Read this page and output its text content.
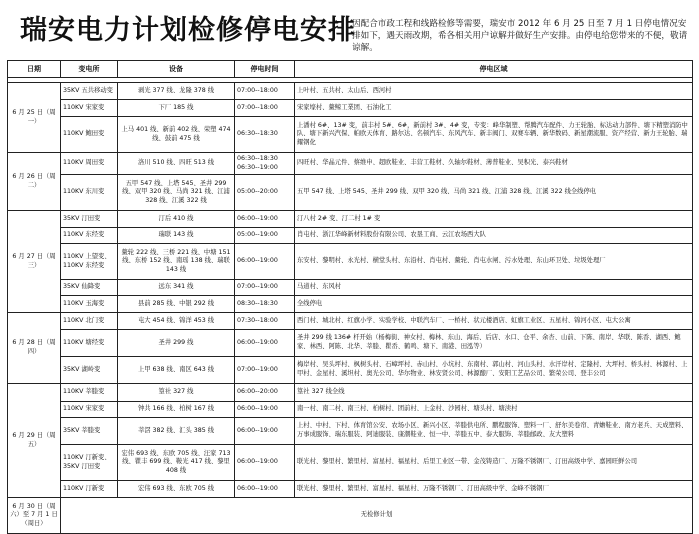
瑞安电力计划检修停电安排
因配合市政工程和线路检修等需要，瑞安市 2012 年 6 月 25 日至 7 月 1 日停电情况安排如下，遇天雨改期，希各相关用户谅解并做好生产安排。由停电给您带来的不便，敬请谅解。
日期	变电所	设备	停电时间	停电区域

6 月 25 日（周一）	35KV 五共移动变	剥光 377 线、龙隆 378 线	07:00--18:00	上叶村、五共村、太山后、西河村
	110KV 宋家变	下厂 185 线	07:00--18:00	宋家壕村、鳌鲸工業团、石油化工
	110KV 鲍田变	上马 401 线、新前 402 线、荣塑 474 线、鼓前 475 线	06:30--18:30	上潘村 6#、13# 变，前丰村 5#、6#，新前村 3#、4# 变，专变：峰华制塑、帮腾汽车配件、力王轮胎、标达动力部件、塘下精塑消防中队、塘下新兴汽保、帕欧天体育、路尔达、名顿汽车、东风汽车、新丰阀门、双赛车辆、新华数码、新星潮流服、资产经营、新力王轮胎、瑞耀钢化
6 月 26 日（周二）	110KV 周田变	洛川 510 线、四旺 513 线	06:30--18:30 06:30--19:00	四旺村、华晶元件、蔡维申、超欧鞋业、丰营工鞋材、久轴尔鞋材、薄普鞋业、吴积光、泰兴鞋材
	110KV 东川变	五甲 547 线、上塔 545、圣井 299 线、双甲 320 线、马尚 321 线、江浦 328 线、江溪 322 线	05:00--20:00	五甲 547 线、上塔 545、圣井 299 线、双甲 320 线、马尚 321 线、江浦 328 线、江溪 322 线全线停电
6 月 27 日（周三）	35KV 汀田变	汀后 410 线	06:00--19:00	汀八村 2# 变、汀二村 1# 变
	110KV 东经变	瑞联 143 线	05:00--19:00	肖屯村、浙江华峰新材料股份有限公司、农垦工商、云江农场西大队
	110KV 上望变、110KV 东经变	鳌轮 222 线、三桥 221 线、中塘 151 线、东桥 152 线、南瑶 138 线、瑞联 143 线	06:00--19:00	东安村、黎明村、永光村、横堂头村、东沿村、肖屯村、鳌轮、肖屯水闸、污水处理、东山环卫处、垃圾处理厂
	35KV 仙降变	远东 341 线	07:00--19:00	马道村、东风村
	110KV 玉海变	县前 285 线、中银 292 线	08:30--18:30	全线停电
6 月 28 日（周四）	110KV 北门变	屯大 454 线、锦洋 453 线	07:30--18:00	西门村、城北村、红旗小学、实验学校、中联汽车厂、一桥村、状元楼酒店、虹旗工业区、五星村、锦河小区、屯大公寓
	110KV 塘经变	圣井 299 线	06:00--19:00	圣井 299 线 136# 杆开始（杨梅街、神女村、梅林、东山、海后、后店、水口、仓平、余杏、山前、下陈、南岸、华联、陈岙、湖西、鲍家、林西、阿陈、北华、莘塍、瞿岙、鹤鸣、塘下、南港、田泓等）
	35KV 湖岭变	上甲 638 线、南区 643 线	07:00--19:00	梅岸村、吴头坪村、枫树头村、石嶂坪村、赤山村、小坑村、东南村、郭山村、河山头村、水汗岸村、定隆村、大坪村、桥头村、林源村、上甲村、金星村、溪坦村、奥光公司、华尔物业、林安贤公司、林源酿厂、安阳工艺品公司、繁荣公司、登丰公司
6 月 29 日（周五）	110KV 莘塍变	篁社 327 线	06:00--20:00	篁社 327 线全线
	110KV 宋家变	钟共 166 线、柏树 167 线	06:00--19:00	南一村、南二村、南三村、柏树村、团前村、上金村、沙园村、塘头村、塘渎村
	35KV 莘塍变	莘滘 382 线、汇头 385 线	06:00--19:00	上村、中村、下村、体育馆公安、农场小区、新兴小区、莘塍供电所、鹏程服饰、塑料一厂、舒尔美卷帘、青蟾鞋业、南方老兵、天成塑料、万事成服饰、瑞东服装、阿迪服装、康潮鞋业、恒一中、莘塍五中、泰大服饰、莘塍邮政、友大塑料
	110KV 汀新变、35KV 汀田变	宏伟 693 线、东欧 705 线、汪家 713 线、瞿丰 699 线、鞍光 417 线、黎里 408 线	06:00--19:00	联光村、黎里村、繁里村、富星村、福星村、后里工业区一带、金茂铸造厂、万隆不锈钢厂、汀田高级中学、嘉园旺鲜公司
	110KV 汀新变	宏伟 693 线、东欧 705 线	06:00--19:00	联光村、黎里村、繁里村、富星村、福星村、万隆不锈钢厂、汀田高级中学、金峰不锈钢厂
6 月 30 日（周六）至 7 月 1 日（周日）	无检修计划			
